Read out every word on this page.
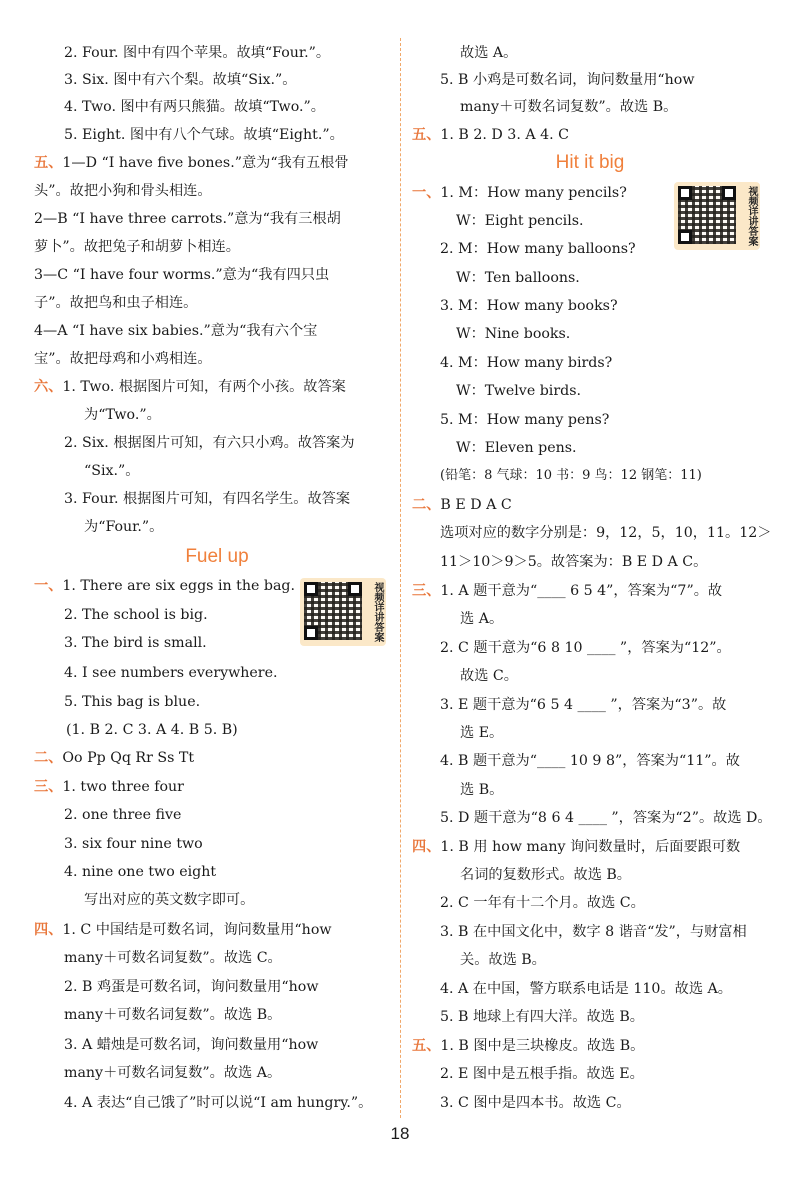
Fuel up
视频详讲答案
2. Four. 图中有四个苹果。故填“Four.”。
3. Six. 图中有六个梨。故填“Six.”。
4. Two. 图中有两只熊猫。故填“Two.”。
5. Eight. 图中有八个气球。故填“Eight.”。
五、1—D “I have five bones.”意为“我有五根骨
头”。故把小狗和骨头相连。
2—B “I have three carrots.”意为“我有三根胡
萝卜”。故把兔子和胡萝卜相连。
3—C “I have four worms.”意为“我有四只虫
子”。故把鸟和虫子相连。
4—A “I have six babies.”意为“我有六个宝
宝”。故把母鸡和小鸡相连。
六、1. Two. 根据图片可知，有两个小孩。故答案
为“Two.”。
2. Six. 根据图片可知，有六只小鸡。故答案为
“Six.”。
3. Four. 根据图片可知，有四名学生。故答案
为“Four.”。
一、1. There are six eggs in the bag.
2. The school is big.
3. The bird is small.
4. I see numbers everywhere.
5. This bag is blue.
(1. B 2. C 3. A 4. B 5. B)
二、Oo Pp Qq Rr Ss Tt
三、1. two three four
2. one three five
3. six four nine two
4. nine one two eight
写出对应的英文数字即可。
四、1. C 中国结是可数名词，询问数量用“how
many＋可数名词复数”。故选 C。
2. B 鸡蛋是可数名词，询问数量用“how
many＋可数名词复数”。故选 B。
3. A 蜡烛是可数名词，询问数量用“how
many＋可数名词复数”。故选 A。
4. A 表达“自己饿了”时可以说“I am hungry.”。
Hit it big
视频详讲答案
故选 A。
5. B 小鸡是可数名词，询问数量用“how
many＋可数名词复数”。故选 B。
五、1. B 2. D 3. A 4. C
一、1. M：How many pencils?
W：Eight pencils.
2. M：How many balloons?
W：Ten balloons.
3. M：How many books?
W：Nine books.
4. M：How many birds?
W：Twelve birds.
5. M：How many pens?
W：Eleven pens.
(铅笔：8 气球：10 书：9 鸟：12 钢笔：11)
二、B E D A C
选项对应的数字分别是：9，12，5，10，11。12＞
11＞10＞9＞5。故答案为：B E D A C。
三、1. A 题干意为“____ 6 5 4”，答案为“7”。故
选 A。
2. C 题干意为“6 8 10 ____ ”，答案为“12”。
故选 C。
3. E 题干意为“6 5 4 ____ ”，答案为“3”。故
选 E。
4. B 题干意为“____ 10 9 8”，答案为“11”。故
选 B。
5. D 题干意为“8 6 4 ____ ”，答案为“2”。故选 D。
四、1. B 用 how many 询问数量时，后面要跟可数
名词的复数形式。故选 B。
2. C 一年有十二个月。故选 C。
3. B 在中国文化中，数字 8 谐音“发”，与财富相
关。故选 B。
4. A 在中国，警方联系电话是 110。故选 A。
5. B 地球上有四大洋。故选 B。
五、1. B 图中是三块橡皮。故选 B。
2. E 图中是五根手指。故选 E。
3. C 图中是四本书。故选 C。
18
